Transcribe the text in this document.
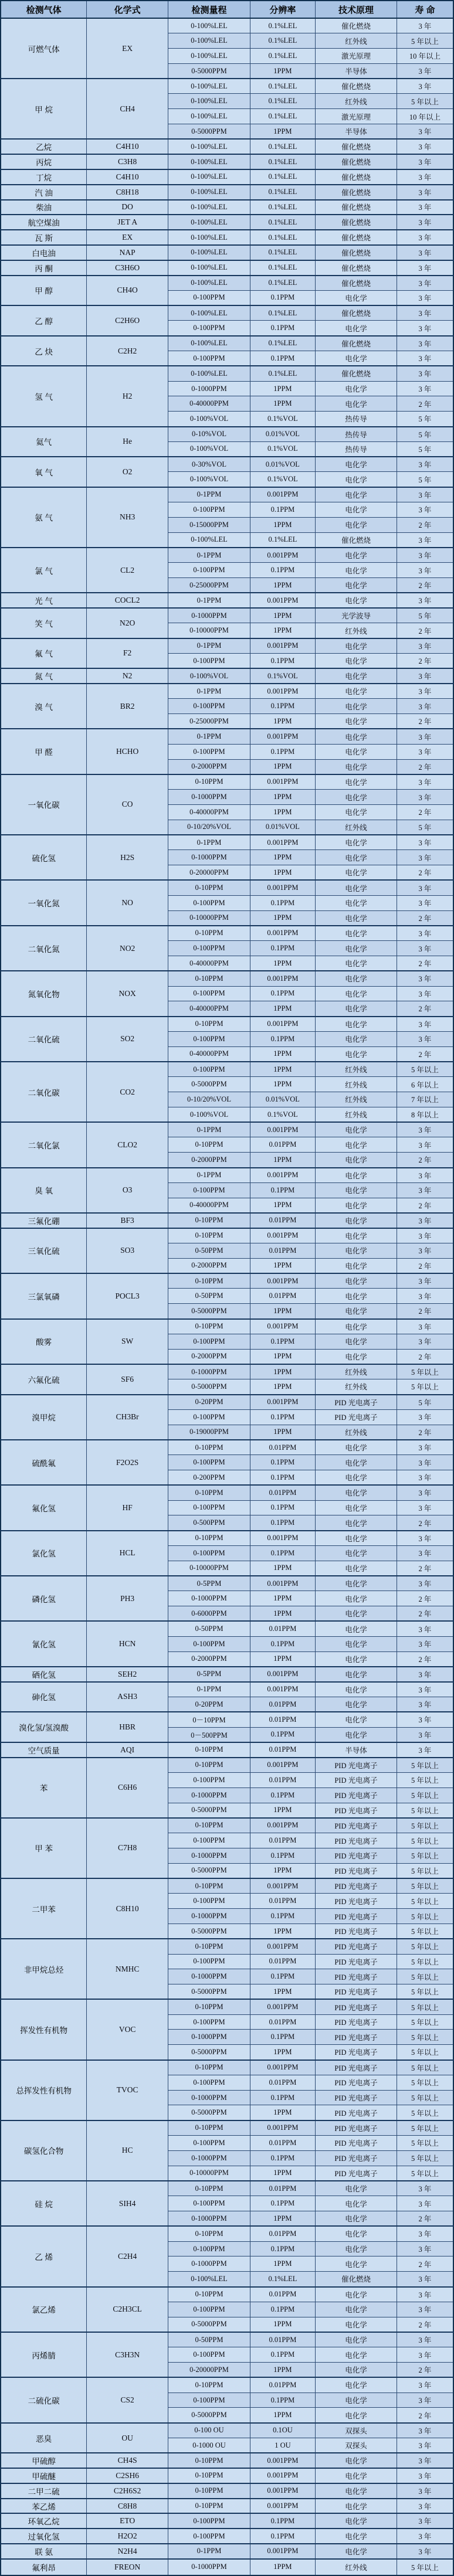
检测气体	化学式	检测量程	分辨率	技术原理	寿 命
可燃气体	EX	0-100%LEL	0.1%LEL	催化燃烧	3 年
		0-100%LEL	0.1%LEL	红外线	5 年以上
		0-100%LEL	0.1%LEL	激光原理	10 年以上
		0-5000PPM	1PPM	半导体	3 年
甲 烷	CH4	0-100%LEL	0.1%LEL	催化燃烧	3 年
		0-100%LEL	0.1%LEL	红外线	5 年以上
		0-100%LEL	0.1%LEL	激光原理	10 年以上
		0-5000PPM	1PPM	半导体	3 年
乙烷	C4H10	0-100%LEL	0.1%LEL	催化燃烧	3 年
丙烷	C3H8	0-100%LEL	0.1%LEL	催化燃烧	3 年
丁烷	C4H10	0-100%LEL	0.1%LEL	催化燃烧	3 年
汽 油	C8H18	0-100%LEL	0.1%LEL	催化燃烧	3 年
柴油	DO	0-100%LEL	0.1%LEL	催化燃烧	3 年
航空煤油	JET A	0-100%LEL	0.1%LEL	催化燃烧	3 年
瓦 斯	EX	0-100%LEL	0.1%LEL	催化燃烧	3 年
白电油	NAP	0-100%LEL	0.1%LEL	催化燃烧	3 年
丙 酮	C3H6O	0-100%LEL	0.1%LEL	催化燃烧	3 年
甲 醇	CH4O	0-100%LEL	0.1%LEL	催化燃烧	3 年
		0-100PPM	0.1PPM	电化学	3 年
乙 醇	C2H6O	0-100%LEL	0.1%LEL	催化燃烧	3 年
		0-100PPM	0.1PPM	电化学	3 年
乙 炔	C2H2	0-100%LEL	0.1%LEL	催化燃烧	3 年
		0-100PPM	0.1PPM	电化学	3 年
氢 气	H2	0-100%LEL	0.1%LEL	催化燃烧	3 年
		0-1000PPM	1PPM	电化学	3 年
		0-40000PPM	1PPM	电化学	2 年
		0-100%VOL	0.1%VOL	热传导	5 年
氦气	He	0-10%VOL	0.01%VOL	热传导	5 年
		0-100%VOL	0.1%VOL	热传导	5 年
氧 气	O2	0-30%VOL	0.01%VOL	电化学	3 年
		0-100%VOL	0.1%VOL	电化学	5 年
氨 气	NH3	0-1PPM	0.001PPM	电化学	3 年
		0-100PPM	0.1PPM	电化学	3 年
		0-15000PPM	1PPM	电化学	2 年
		0-100%LEL	0.1%LEL	催化燃烧	3 年
氯 气	CL2	0-1PPM	0.001PPM	电化学	3 年
		0-100PPM	0.1PPM	电化学	3 年
		0-25000PPM	1PPM	电化学	2 年
光 气	COCL2	0-1PPM	0.001PPM	电化学	3 年
笑 气	N2O	0-1000PPM	1PPM	光学波导	5 年
		0-10000PPM	1PPM	红外线	2 年
氟 气	F2	0-1PPM	0.001PPM	电化学	3 年
		0-100PPM	0.1PPM	电化学	2 年
氮 气	N2	0-100%VOL	0.1%VOL	电化学	3 年
溴 气	BR2	0-1PPM	0.001PPM	电化学	3 年
		0-100PPM	0.1PPM	电化学	3 年
		0-25000PPM	1PPM	电化学	2 年
甲 醛	HCHO	0-1PPM	0.001PPM	电化学	3 年
		0-100PPM	0.1PPM	电化学	3 年
		0-2000PPM	1PPM	电化学	2 年
一氧化碳	CO	0-10PPM	0.001PPM	电化学	3 年
		0-1000PPM	1PPM	电化学	3 年
		0-40000PPM	1PPM	电化学	2 年
		0-10/20%VOL	0.01%VOL	红外线	5 年
硫化氢	H2S	0-1PPM	0.001PPM	电化学	3 年
		0-1000PPM	1PPM	电化学	3 年
		0-20000PPM	1PPM	电化学	2 年
一氧化氮	NO	0-10PPM	0.001PPM	电化学	3 年
		0-100PPM	0.1PPM	电化学	3 年
		0-10000PPM	1PPM	电化学	2 年
二氧化氮	NO2	0-10PPM	0.001PPM	电化学	3 年
		0-100PPM	0.1PPM	电化学	3 年
		0-40000PPM	1PPM	电化学	2 年
氮氧化物	NOX	0-10PPM	0.001PPM	电化学	3 年
		0-100PPM	0.1PPM	电化学	3 年
		0-40000PPM	1PPM	电化学	2 年
二氧化硫	SO2	0-10PPM	0.001PPM	电化学	3 年
		0-100PPM	0.1PPM	电化学	3 年
		0-40000PPM	1PPM	电化学	2 年
二氧化碳	CO2	0-100PPM	1PPM	红外线	5 年以上
		0-5000PPM	1PPM	红外线	6 年以上
		0-10/20%VOL	0.01%VOL	红外线	7 年以上
		0-100%VOL	0.1%VOL	红外线	8 年以上
二氧化氯	CLO2	0-1PPM	0.001PPM	电化学	3 年
		0-10PPM	0.01PPM	电化学	3 年
		0-2000PPM	1PPM	电化学	2 年
臭 氧	O3	0-1PPM	0.001PPM	电化学	3 年
		0-100PPM	0.1PPM	电化学	3 年
		0-40000PPM	1PPM	电化学	2 年
三氟化硼	BF3	0-10PPM	0.01PPM	电化学	3 年
三氧化硫	SO3	0-10PPM	0.001PPM	电化学	3 年
		0-50PPM	0.01PPM	电化学	3 年
		0-2000PPM	1PPM	电化学	2 年
三氯氧磷	POCL3	0-10PPM	0.001PPM	电化学	3 年
		0-50PPM	0.01PPM	电化学	3 年
		0-5000PPM	1PPM	电化学	2 年
酸雾	SW	0-10PPM	0.001PPM	电化学	3 年
		0-100PPM	0.1PPM	电化学	3 年
		0-2000PPM	1PPM	电化学	2 年
六氟化硫	SF6	0-1000PPM	1PPM	红外线	5 年以上
		0-5000PPM	1PPM	红外线	5 年以上
溴甲烷	CH3Br	0-20PPM	0.001PPM	PID 光电离子	5 年
		0-100PPM	0.1PPM	PID 光电离子	3 年
		0-19000PPM	1PPM	红外线	2 年
硫酰氟	F2O2S	0-10PPM	0.01PPM	电化学	3 年
		0-100PPM	0.1PPM	电化学	3 年
		0-200PPM	0.1PPM	电化学	3 年
氟化氢	HF	0-10PPM	0.01PPM	电化学	3 年
		0-100PPM	0.1PPM	电化学	3 年
		0-500PPM	0.1PPM	电化学	2 年
氯化氢	HCL	0-10PPM	0.001PPM	电化学	3 年
		0-100PPM	0.1PPM	电化学	3 年
		0-10000PPM	1PPM	电化学	2 年
磷化氢	PH3	0-5PPM	0.001PPM	电化学	3 年
		0-1000PPM	1PPM	电化学	2 年
		0-6000PPM	1PPM	电化学	2 年
氰化氢	HCN	0-50PPM	0.01PPM	电化学	3 年
		0-100PPM	0.1PPM	电化学	3 年
		0-2000PPM	1PPM	电化学	2 年
硒化氢	SEH2	0-5PPM	0.001PPM	电化学	3 年
砷化氢	ASH3	0-1PPM	0.001PPM	电化学	3 年
		0-20PPM	0.01PPM	电化学	3 年
溴化氢/氢溴酸	HBR	0－10PPM	0.01PPM	电化学	3 年
		0－500PPM	0.1PPM	电化学	3 年
空气质量	AQI	0-10PPM	0.01PPM	半导体	3 年
苯	C6H6	0-10PPM	0.001PPM	PID 光电离子	5 年以上
		0-100PPM	0.01PPM	PID 光电离子	5 年以上
		0-1000PPM	0.1PPM	PID 光电离子	5 年以上
		0-5000PPM	1PPM	PID 光电离子	5 年以上
甲 苯	C7H8	0-10PPM	0.001PPM	PID 光电离子	5 年以上
		0-100PPM	0.01PPM	PID 光电离子	5 年以上
		0-1000PPM	0.1PPM	PID 光电离子	5 年以上
		0-5000PPM	1PPM	PID 光电离子	5 年以上
二甲苯	C8H10	0-10PPM	0.001PPM	PID 光电离子	5 年以上
		0-100PPM	0.01PPM	PID 光电离子	5 年以上
		0-1000PPM	0.1PPM	PID 光电离子	5 年以上
		0-5000PPM	1PPM	PID 光电离子	5 年以上
非甲烷总烃	NMHC	0-10PPM	0.001PPM	PID 光电离子	5 年以上
		0-100PPM	0.01PPM	PID 光电离子	5 年以上
		0-1000PPM	0.1PPM	PID 光电离子	5 年以上
		0-5000PPM	1PPM	PID 光电离子	5 年以上
挥发性有机物	VOC	0-10PPM	0.001PPM	PID 光电离子	5 年以上
		0-100PPM	0.01PPM	PID 光电离子	5 年以上
		0-1000PPM	0.1PPM	PID 光电离子	5 年以上
		0-5000PPM	1PPM	PID 光电离子	5 年以上
总挥发性有机物	TVOC	0-10PPM	0.001PPM	PID 光电离子	5 年以上
		0-100PPM	0.01PPM	PID 光电离子	5 年以上
		0-1000PPM	0.1PPM	PID 光电离子	5 年以上
		0-5000PPM	1PPM	PID 光电离子	5 年以上
碳氢化合物	HC	0-10PPM	0.001PPM	PID 光电离子	5 年以上
		0-100PPM	0.01PPM	PID 光电离子	5 年以上
		0-1000PPM	0.1PPM	PID 光电离子	5 年以上
		0-10000PPM	1PPM	PID 光电离子	5 年以上
硅 烷	SIH4	0-10PPM	0.01PPM	电化学	3 年
		0-100PPM	0.1PPM	电化学	3 年
		0-1000PPM	1PPM	电化学	2 年
乙 烯	C2H4	0-10PPM	0.01PPM	电化学	3 年
		0-100PPM	0.1PPM	电化学	3 年
		0-1000PPM	1PPM	电化学	2 年
		0-100%LEL	0.1%LEL	催化燃烧	3 年
氯乙烯	C2H3CL	0-10PPM	0.01PPM	电化学	3 年
		0-100PPM	0.1PPM	电化学	3 年
		0-5000PPM	1PPM	电化学	2 年
丙烯腈	C3H3N	0-50PPM	0.01PPM	电化学	3 年
		0-100PPM	0.1PPM	电化学	3 年
		0-20000PPM	1PPM	电化学	2 年
二硫化碳	CS2	0-10PPM	0.01PPM	电化学	3 年
		0-100PPM	0.1PPM	电化学	3 年
		0-5000PPM	1PPM	电化学	2 年
恶臭	OU	0-100 OU	0.1OU	双探头	3 年
		0-1000 OU	1 OU	双探头	3 年
甲硫醇	CH4S	0-10PPM	0.001PPM	电化学	3 年
甲硫醚	C2SH6	0-10PPM	0.001PPM	电化学	3 年
二甲二硫	C2H6S2	0-10PPM	0.001PPM	电化学	3 年
苯乙烯	C8H8	0-10PPM	0.001PPM	电化学	3 年
环氧乙烷	ETO	0-100PPM	0.1PPM	电化学	3 年
过氧化氢	H2O2	0-100PPM	0.1PPM	电化学	3 年
联 氨	N2H4	0-1PPM	0.001PPM	电化学	3 年
氟利昂	FREON	0-1000PPM	1PPM	红外线	5 年以上
